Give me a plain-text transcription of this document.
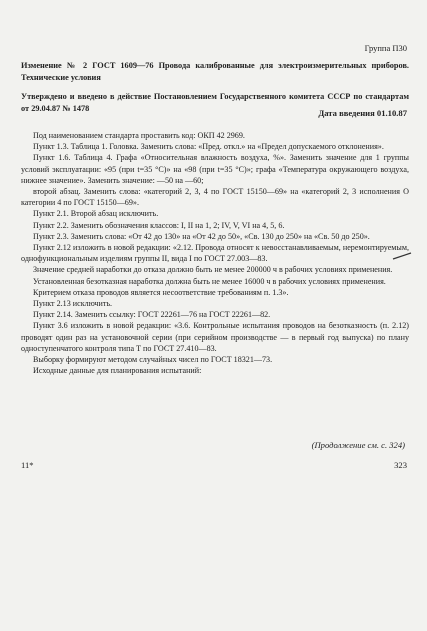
Группа П30

Изменение № 2 ГОСТ 1609—76 Провода калиброванные для электроизмерительных приборов. Технические условия

Утверждено и введено в действие Постановлением Государственного комитета СССР по стандартам от 29.04.87 № 1478	Дата введения 01.10.87

Под наименованием стандарта проставить код: ОКП 42 2969.

Пункт 1.3. Таблица 1. Головка. Заменить слова: «Пред. откл.» на «Предел допускаемого отклонения».

Пункт 1.6. Таблица 4. Графа «Относительная влажность воздуха, %». Заменить значение для 1 группы условий эксплуатации: «95 (при t=35 °С)» на «98 (при t=35 °С)»; графа «Температура окружающего воздуха, нижнее значение». Заменить значение: —50 на —60;

второй абзац. Заменить слова: «категорий 2, 3, 4 по ГОСТ 15150—69» на «категорий 2, 3 исполнения О категории 4 по ГОСТ 15150—69».

Пункт 2.1. Второй абзац исключить.

Пункт 2.2. Заменить обозначения классов: I, II на 1, 2; IV, V, VI на 4, 5, 6.

Пункт 2.3. Заменить слова: «От 42 до 130» на «От 42 до 50», «Св. 130 до 250» на «Св. 50 до 250».

Пункт 2.12 изложить в новой редакции: «2.12. Провода относят к невосстанавливаемым, неремонтируемым, однофункциональным изделиям группы II, вида I по ГОСТ 27.003—83.

Значение средней наработки до отказа должно быть не менее 200000 ч в рабочих условиях применения.

Установленная безотказная наработка должна быть не менее 16000 ч в рабочих условиях применения.

Критерием отказа проводов является несоответствие требованиям п. 1.3».

Пункт 2.13 исключить.

Пункт 2.14. Заменить ссылку: ГОСТ 22261—76 на ГОСТ 22261—82.

Пункт 3.6 изложить в новой редакции: «3.6. Контрольные испытания проводов на безотказность (п. 2.12) проводят один раз на установочной серии (при серийном производстве — в первый год выпуска) по плану одноступенчатого контроля типа Т по ГОСТ 27.410—83.

Выборку формируют методом случайных чисел по ГОСТ 18321—73.

Исходные данные для планирования испытаний:

(Продолжение см. с. 324)
11*	323
